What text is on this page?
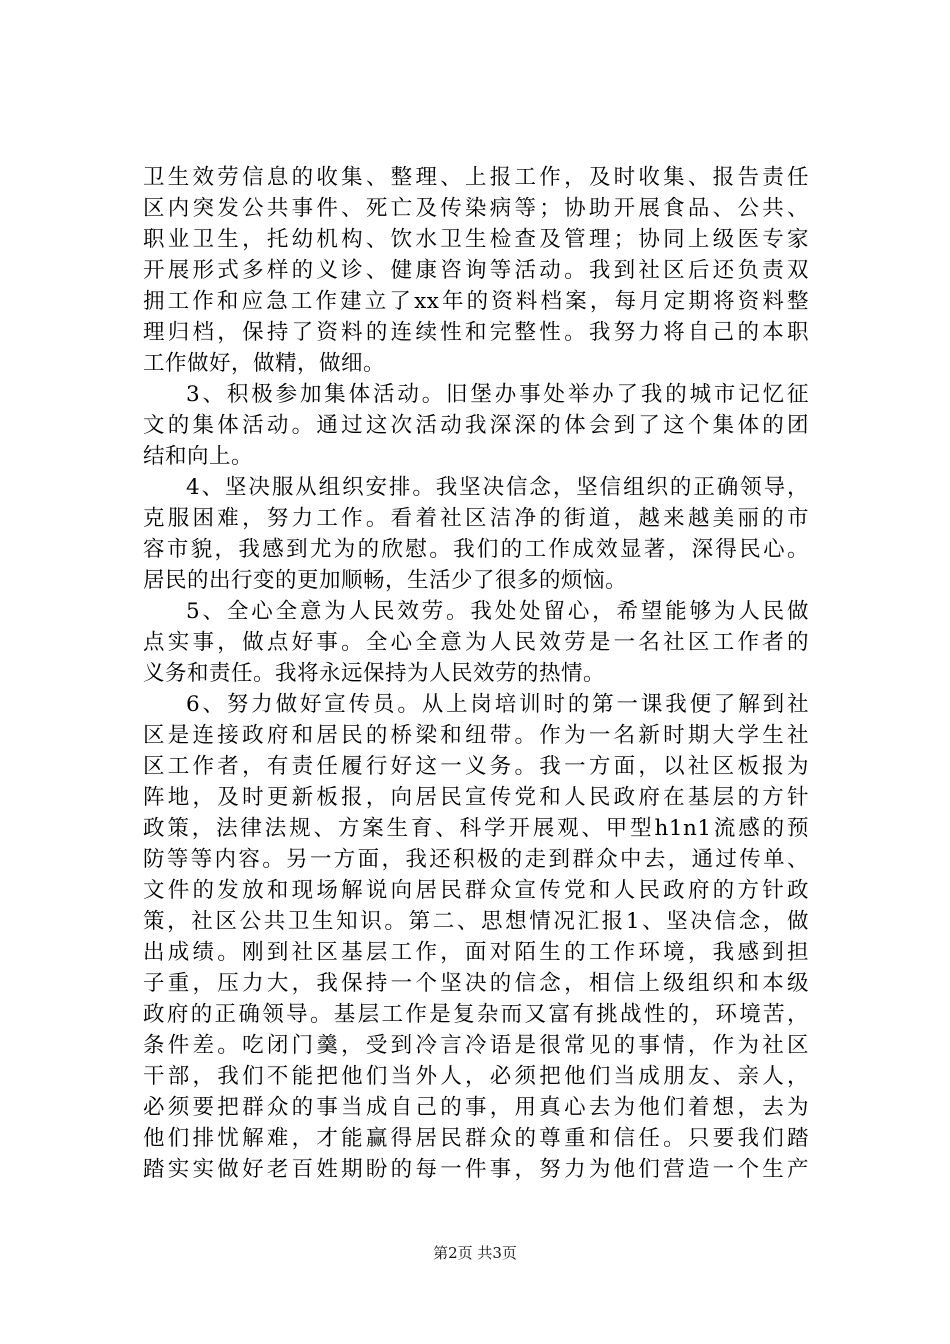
卫生效劳信息的收集、整理、上报工作，及时收集、报告责任
区内突发公共事件、死亡及传染病等；协助开展食品、公共、
职业卫生，托幼机构、饮水卫生检查及管理；协同上级医专家
开展形式多样的义诊、健康咨询等活动。我到社区后还负责双
拥工作和应急工作建立了xx年的资料档案，每月定期将资料整
理归档，保持了资料的连续性和完整性。我努力将自己的本职
工作做好，做精，做细。
3、积极参加集体活动。旧堡办事处举办了我的城市记忆征
文的集体活动。通过这次活动我深深的体会到了这个集体的团
结和向上。
4、坚决服从组织安排。我坚决信念，坚信组织的正确领导，
克服困难，努力工作。看着社区洁净的街道，越来越美丽的市
容市貌，我感到尤为的欣慰。我们的工作成效显著，深得民心。
居民的出行变的更加顺畅，生活少了很多的烦恼。
5、全心全意为人民效劳。我处处留心，希望能够为人民做
点实事，做点好事。全心全意为人民效劳是一名社区工作者的
义务和责任。我将永远保持为人民效劳的热情。
6、努力做好宣传员。从上岗培训时的第一课我便了解到社
区是连接政府和居民的桥梁和纽带。作为一名新时期大学生社
区工作者，有责任履行好这一义务。我一方面，以社区板报为
阵地，及时更新板报，向居民宣传党和人民政府在基层的方针
政策，法律法规、方案生育、科学开展观、甲型h1n1流感的预
防等等内容。另一方面，我还积极的走到群众中去，通过传单、
文件的发放和现场解说向居民群众宣传党和人民政府的方针政
策，社区公共卫生知识。第二、思想情况汇报1、坚决信念，做
出成绩。刚到社区基层工作，面对陌生的工作环境，我感到担
子重，压力大，我保持一个坚决的信念，相信上级组织和本级
政府的正确领导。基层工作是复杂而又富有挑战性的，环境苦，
条件差。吃闭门羹，受到冷言冷语是很常见的事情，作为社区
干部，我们不能把他们当外人，必须把他们当成朋友、亲人，
必须要把群众的事当成自己的事，用真心去为他们着想，去为
他们排忧解难，才能赢得居民群众的尊重和信任。只要我们踏
踏实实做好老百姓期盼的每一件事，努力为他们营造一个生产
第2页 共3页
